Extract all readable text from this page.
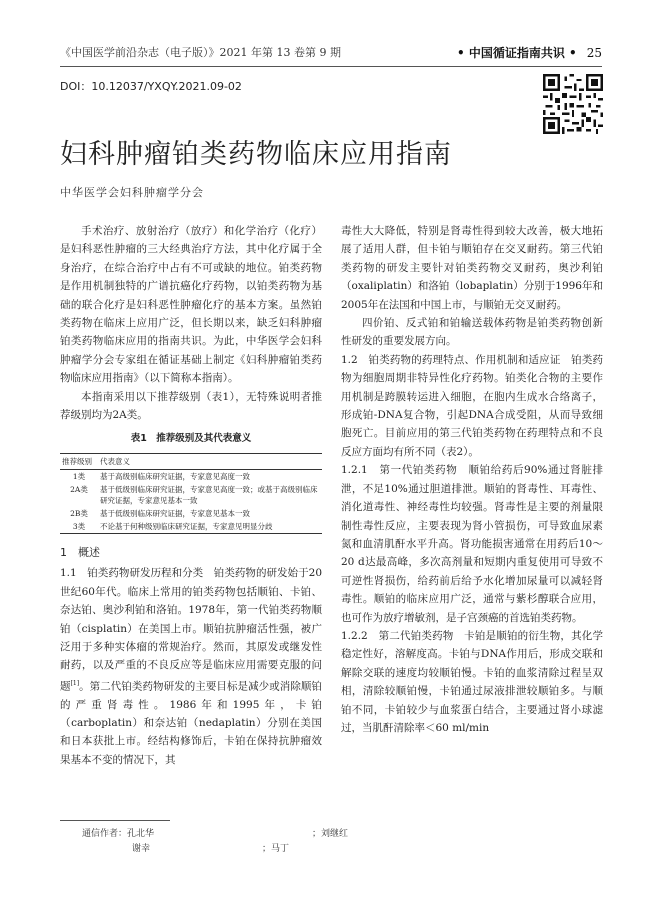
《中国医学前沿杂志（电子版）》2021 年第 13 卷第 9 期	• 中国循证指南共识 • 25
DOI：10.12037/YXQY.2021.09-02
妇科肿瘤铂类药物临床应用指南
中华医学会妇科肿瘤学分会

手术治疗、放射治疗（放疗）和化学治疗（化疗）是妇科恶性肿瘤的三大经典治疗方法，其中化疗属于全身治疗，在综合治疗中占有不可或缺的地位。铂类药物是作用机制独特的广谱抗癌化疗药物，以铂类药物为基础的联合化疗是妇科恶性肿瘤化疗的基本方案。虽然铂类药物在临床上应用广泛，但长期以来，缺乏妇科肿瘤铂类药物临床应用的指南共识。为此，中华医学会妇科肿瘤学分会专家组在循证基础上制定《妇科肿瘤铂类药物临床应用指南》（以下简称本指南）。

本指南采用以下推荐级别（表1），无特殊说明者推荐级别均为2A类。

表1　推荐级别及其代表意义
推荐级别	代表意义
1类	基于高级别临床研究证据，专家意见高度一致
2A类	基于低级别临床研究证据，专家意见高度一致；或基于高级别临床研究证据，专家意见基本一致
2B类	基于低级别临床研究证据，专家意见基本一致
3类	不论基于何种级别临床研究证据，专家意见明显分歧
1　概述

1.1　铂类药物研发历程和分类　 铂类药物的研发始于20世纪60年代。临床上常用的铂类药物包括顺铂、卡铂、奈达铂、奥沙利铂和洛铂。1978年，第一代铂类药物顺铂（cisplatin）在美国上市。顺铂抗肿瘤活性强，被广泛用于多种实体瘤的常规治疗。然而，其原发或继发性耐药，以及严重的不良反应等是临床应用需要克服的问题[1]。第二代铂类药物研发的主要目标是减少或消除顺铂的严重肾毒性。1986年和1995年，卡铂（carboplatin）和奈达铂（nedaplatin）分别在美国和日本获批上市。经结构修饰后，卡铂在保持抗肿瘤效果基本不变的情况下，其

毒性大大降低，特别是肾毒性得到较大改善，极大地拓展了适用人群，但卡铂与顺铂存在交叉耐药。第三代铂类药物的研发主要针对铂类药物交叉耐药，奥沙利铂（oxaliplatin）和洛铂（lobaplatin）分别于1996年和2005年在法国和中国上市，与顺铂无交叉耐药。

四价铂、反式铂和铂输送载体药物是铂类药物创新性研发的重要发展方向。

1.2　铂类药物的药理特点、作用机制和适应证　 铂类药物为细胞周期非特异性化疗药物。铂类化合物的主要作用机制是跨膜转运进入细胞，在胞内生成水合络离子，形成铂-DNA复合物，引起DNA合成受阻，从而导致细胞死亡。目前应用的第三代铂类药物在药理特点和不良反应方面均有所不同（表2）。

1.2.1　第一代铂类药物　 顺铂给药后90%通过肾脏排泄，不足10%通过胆道排泄。顺铂的肾毒性、耳毒性、消化道毒性、神经毒性均较强。肾毒性是主要的剂量限制性毒性反应，主要表现为肾小管损伤，可导致血尿素氮和血清肌酐水平升高。肾功能损害通常在用药后10～20 d达最高峰，多次高剂量和短期内重复使用可导致不可逆性肾损伤，给药前后给予水化增加尿量可以减轻肾毒性。顺铂的临床应用广泛，通常与紫杉醇联合应用，也可作为放疗增敏剂，是子宫颈癌的首选铂类药物。

1.2.2　第二代铂类药物　 卡铂是顺铂的衍生物，其化学稳定性好，溶解度高。卡铂与DNA作用后，形成交联和解除交联的速度均较顺铂慢。卡铂的血浆清除过程呈双相，清除较顺铂慢，卡铂通过尿液排泄较顺铂多。与顺铂不同，卡铂较少与血浆蛋白结合，主要通过肾小球滤过，当肌酐清除率＜60 ml/min

通信作者：孔北华	；刘继红
谢幸	；马丁
